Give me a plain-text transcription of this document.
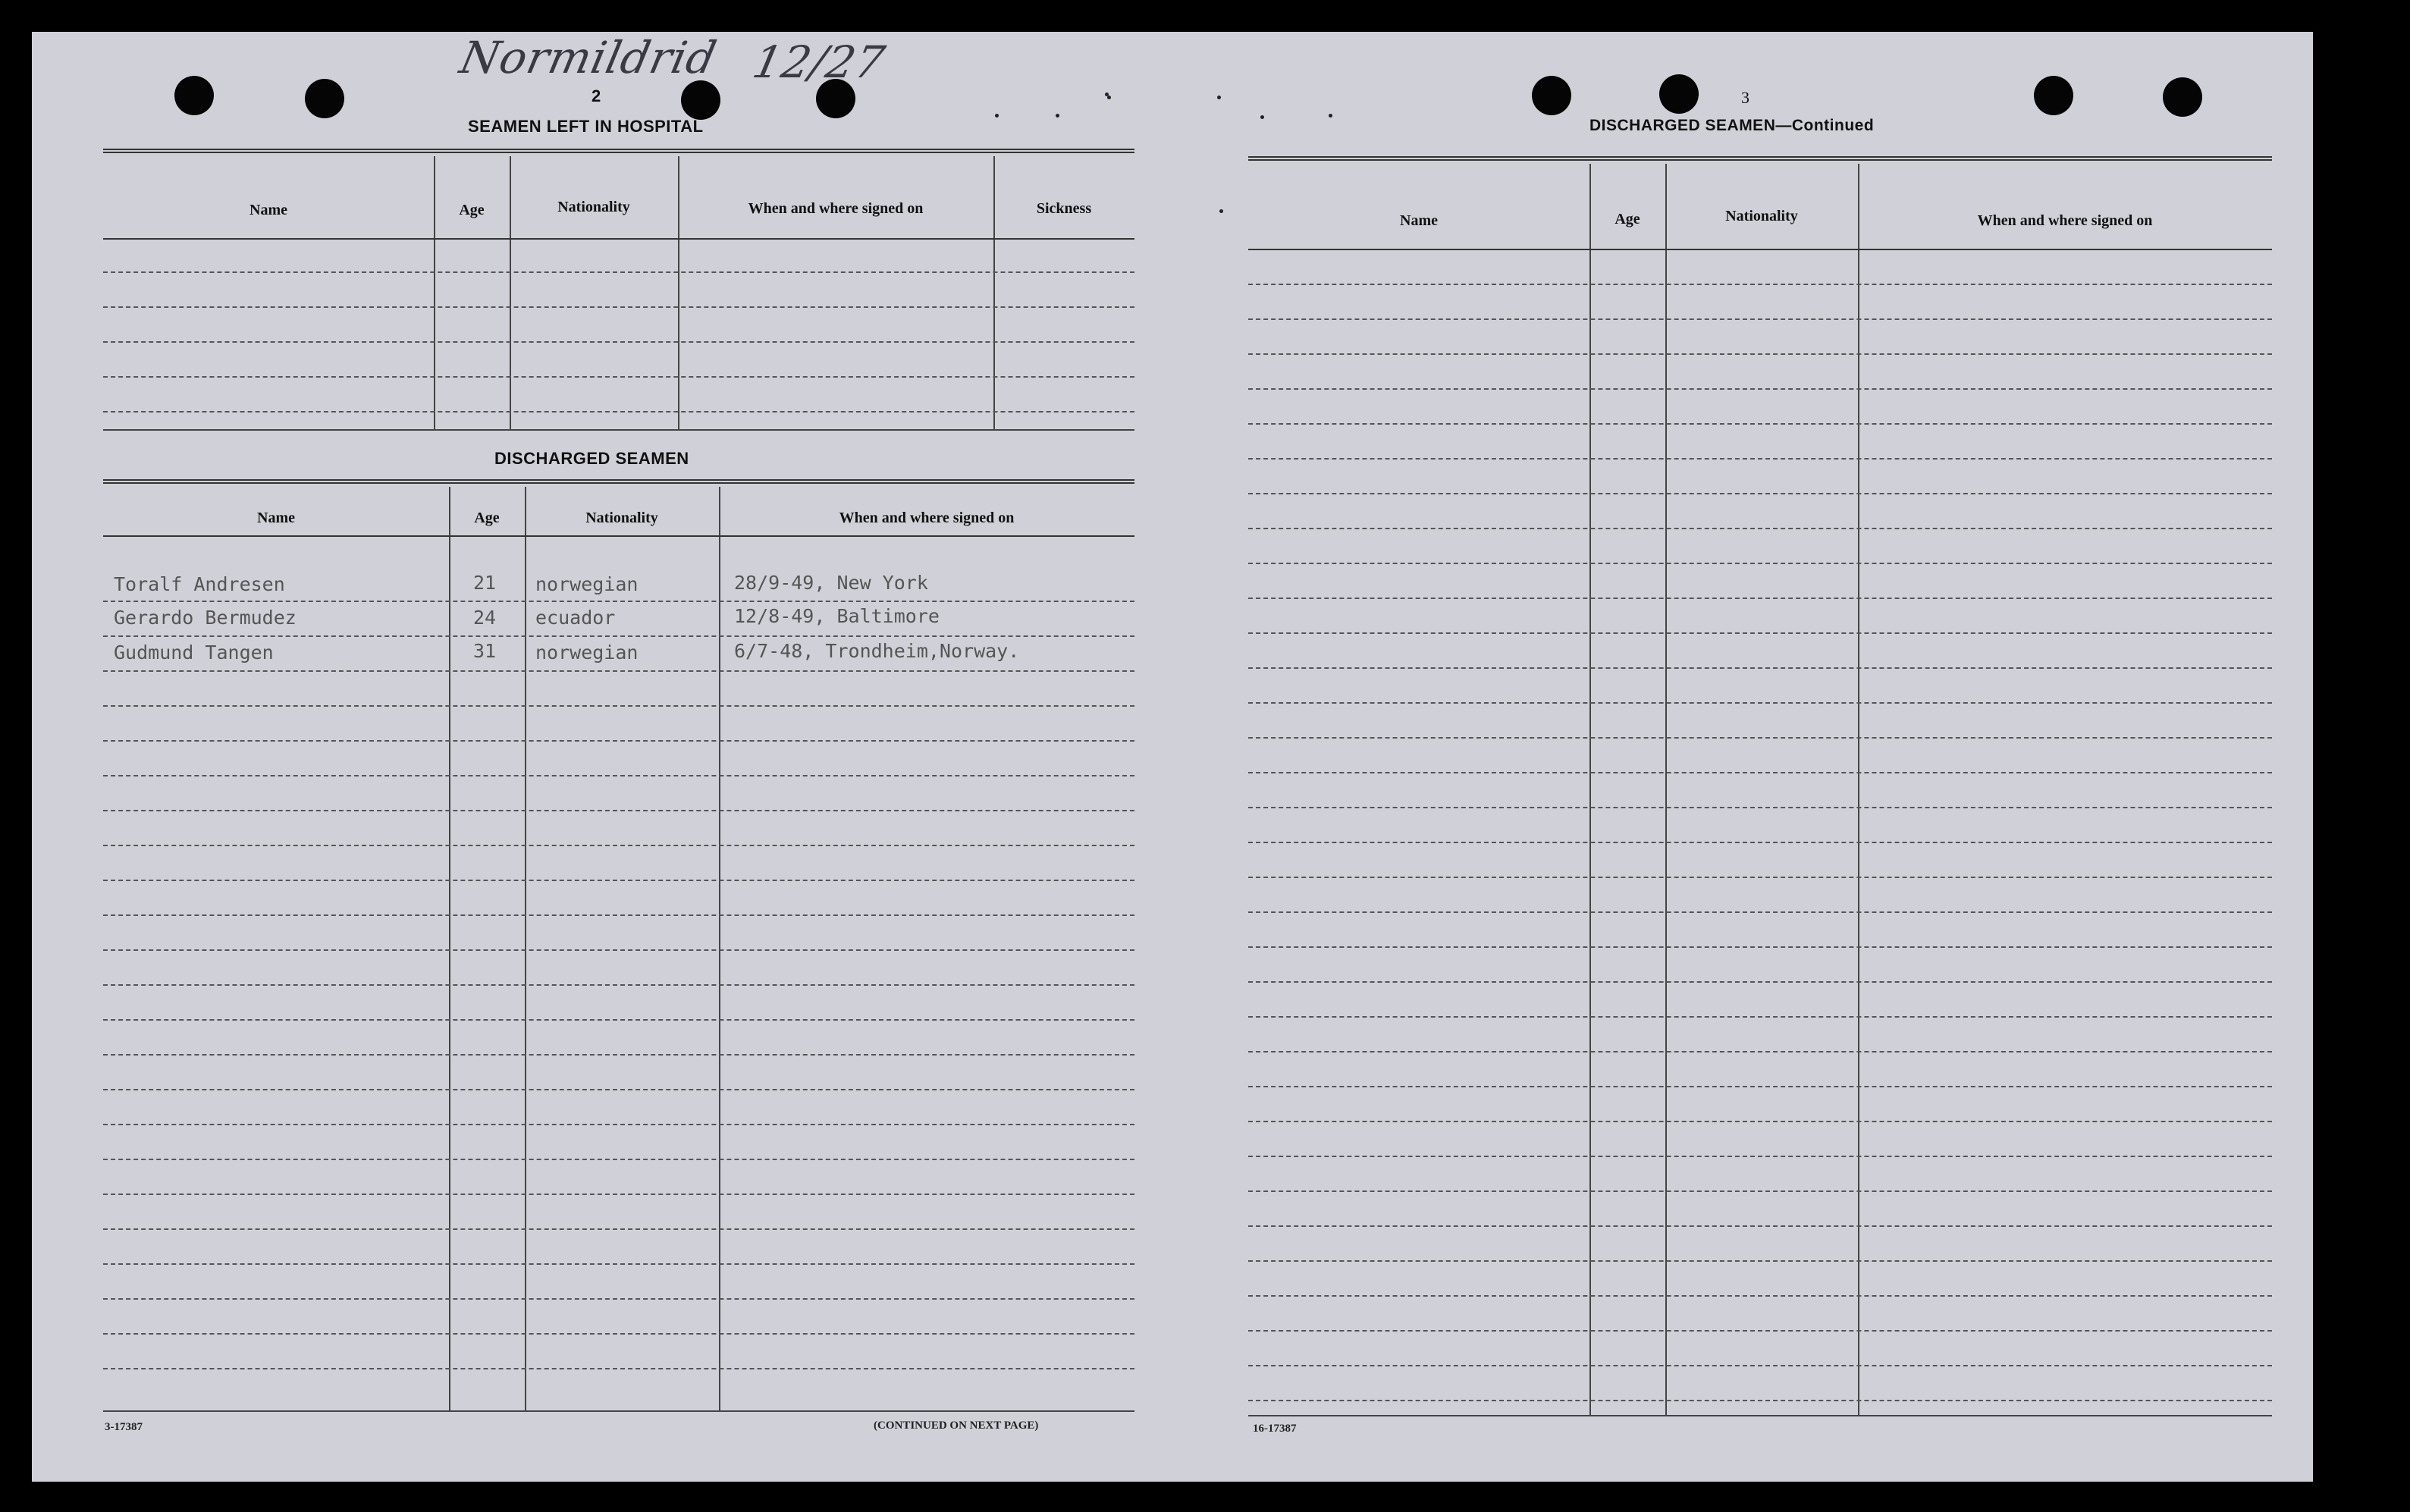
Normildrid 12/27
2
SEAMEN LEFT IN HOSPITAL
Name	Age	Nationality	When and where signed on	Sickness
DISCHARGED SEAMEN
Name	Age	Nationality	When and where signed on
Toralf Andresen	21 norwegian	28/9-49, New York
Gerardo Bermudez	24 ecuador	12/8-49, Baltimore
Gudmund Tangen	31 norwegian	6/7-48, Trondheim,Norway.
3-17387	(CONTINUED ON NEXT PAGE)
3
DISCHARGED SEAMEN—Continued
Name	Age	Nationality	When and where signed on
16-17387
